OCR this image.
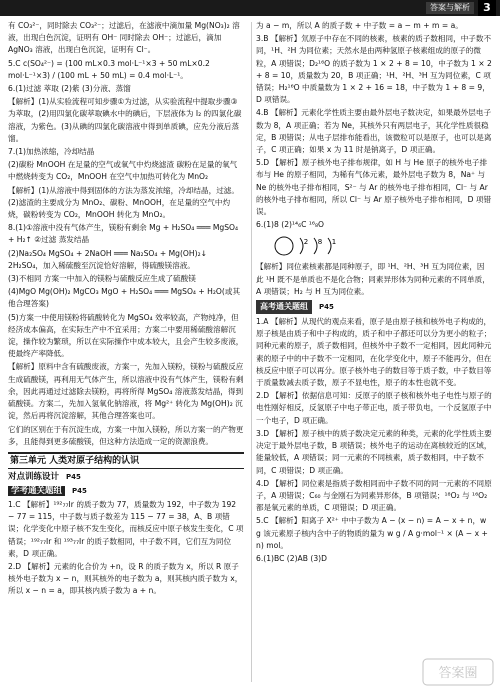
答案与解析	3

有 CO₃²⁻，同时除去 CO₃²⁻；过滤后，在滤液中滴加量 Mg(NO₃)₂ 溶液，出现白色沉淀，证明有 OH⁻ 同时除去 OH⁻；过滤后，滴加 AgNO₃ 溶液，出现白色沉淀，证明有 Cl⁻。

5.C c(SO₄²⁻) = (100 mL×0.3 mol·L⁻¹×3 + 50 mL×0.2 mol·L⁻¹×3) / (100 mL + 50 mL) = 0.4 mol·L⁻¹。

6.(1)过滤 萃取 (2)紫 (3)分液、蒸馏

【解析】(1)从实验流程可知步骤①为过滤，从实验流程中提取步骤③为萃取，(2)用四氯化碳萃取碘水中的碘后，下层液体为 I₂ 的四氯化碳溶液，为紫色。(3)从碘的四氯化碳溶液中得到单质碘，应先分液后蒸馏。

7.(1)加热浓缩，冷却结晶

(2)碳粉 MnOOH 在足量的空气或氧气中灼烧滤渣 碳粉在足量的氧气中燃烧转变为 CO₂，MnOOH 在空气中加热可转化为 MnO₂

【解析】(1)从溶液中得到固体的方法为蒸发浓缩，冷却结晶，过滤。(2)滤渣的主要成分为 MnO₂、碳粉、MnOOH，在足量的空气中灼烧，碳粉转变为 CO₂，MnOOH 转化为 MnO₂。

8.(1)①溶液中没有气体产生，镁粉有剩余 Mg + H₂SO₄ ═══ MgSO₄ + H₂↑ ②过滤 蒸发结晶

(2)Na₂SO₄ MgSO₄ + 2NaOH ═══ Na₂SO₄ + Mg(OH)₂↓ 2H₂SO₄，加入稀硫酸至沉淀恰好溶解，得硫酸镁溶液。

(3)不相同 方案一中加入的镁粉与硫酸反应生成了硫酸镁

(4)MgO Mg(OH)₂ MgCO₃ MgO + H₂SO₄ ═══ MgSO₄ + H₂O(或其他合理答案)

(5)方案一中使用镁粉将硫酸转化为 MgSO₄ 效率较高，产物纯净，但经济成本偏高，在实际生产中不宜采用；方案二中要用稀硫酸溶解沉淀，操作较为繁琐，所以在实际操作中成本较大，且会产生较多废液，使最终产率降低。

【解析】原料中含有硫酸废液，方案一，先加入镁粉，镁粉与硫酸反应生成硫酸镁，再利用无气体产生，所以溶液中没有气体产生，镁粉有剩余，因此再通过过滤除去镁粉，再将所得 MgSO₄ 溶液蒸发结晶，得到硫酸镁。方案二，先加入氢氧化钠溶液，将 Mg²⁺ 转化为 Mg(OH)₂ 沉淀，然后再将沉淀溶解，其他合理答案也可。

它们的区别在于有沉淀生成，方案一中加入镁粉，所以方案一的产物更多，且能得到更多硫酸镁，但这种方法造成一定的资源浪费。

第三单元 人类对原子结构的认识
对点训练设计 P45
学考通关题组 P45

1.C 【解析】¹⁹²₇₇Ir 的质子数为 77，质量数为 192，中子数为 192 − 77 = 115，中子数与质子数差为 115 − 77 = 38，A、B 项错误；化学变化中原子核不发生变化，而核反应中原子核发生变化，C 项错误；¹⁹²₇₇Ir 和 ¹⁹³₇₇Ir 的质子数相同，中子数不同，它们互为同位素，D 项正确。

2.D 【解析】元素的化合价为 +n，设 R 的质子数为 x，所以 R 原子核外电子数为 x − n，则其核外的电子数为 a，则其核内质子数为 x，所以 x − n = a，即其核内质子数为 a + n。

为 a − m，所以 A 的质子数 + 中子数 = a − m + m = a。

3.B 【解析】氘原子中存在不同的核素，核素的质子数相同，中子数不同，¹H、²H 为同位素；天然水是由两种氢原子核素组成的原子的微粒，A 项错误；D₂¹⁶O 的质子数为 1 × 2 + 8 = 10，中子数为 1 × 2 + 8 = 10，质量数为 20，B 项正确；¹H、²H、³H 互为同位素，C 项错误；H₂¹⁶O 中质量数为 1 × 2 + 16 = 18，中子数为 1 + 8 = 9，D 项错误。

4.B 【解析】元素化学性质主要由最外层电子数决定，如果最外层电子数为 8，A 项正确；若为 Ne，其核外只有两层电子，其化学性质很稳定，B 项错误；从电子层排布能看出，该微粒可以是原子，也可以是离子，C 项正确；如果 x 为 11 时是钠离子，D 项正确。

5.D 【解析】原子核外电子排布规律，如 H 与 He 原子的核外电子排布与 He 的原子相同，为稀有气体元素，最外层电子数为 8，Na⁺ 与 Ne 的核外电子排布相同，S²⁻ 与 Ar 的核外电子排布相同，Cl⁻ 与 Ar 的核外电子排布相同，所以 Cl⁻ 与 Ar 原子核外电子排布相同，D 项错误。

6.(1)8 (2)¹⁴₆C ¹⁶₈O

2 8 1

【解析】同位素核素都是同种原子，即 ¹H、²H、³H 互为同位素，因此 ¹H 既不是单质也不是化合物；同素异形体为同种元素的不同单质，A 项错误；H₂ 与 H 互为同位素。

高考通关题组 P45

1.A 【解析】从现代的观点来看，原子是由原子核和核外电子构成的，原子核是由质子和中子构成的，质子和中子都还可以分为更小的粒子；同种元素的原子，质子数相同，但核外中子数不一定相同，因此同种元素的原子中的中子数不一定相同，在化学变化中，原子不能再分，但在核反应中原子可以再分。原子核外电子的数目等于质子数，中子数目等于质量数减去质子数，原子不显电性，原子的本性也就不变。

2.D 【解析】依据信息可知：反原子的原子核和核外电子电性与原子的电性刚好相反，反氢原子中电子带正电，质子带负电，一个反氢原子中一个电子，D 项正确。

3.D 【解析】原子核中的质子数决定元素的种类，元素的化学性质主要决定于最外层电子数，B 项错误；核外电子的运动在离核较近的区域，能量较低，A 项错误；同一元素的不同核素，质子数相同，中子数不同，C 项错误；D 项正确。

4.D 【解析】同位素是指质子数相同而中子数不同的同一元素的不同原子，A 项错误；C₆₀ 与金刚石为同素异形体，B 项错误；¹⁸O₂ 与 ¹⁶O₂ 都是氧元素的单质，C 项错误；D 项正确。

5.C 【解析】阳离子 X²⁺ 中中子数为 A − (x − n) = A − x + n，w g 该元素原子核内含中子的物质的量为 w g / A g·mol⁻¹ × (A − x + n) mol。

6.(1)BC (2)AB (3)D

答案圈
